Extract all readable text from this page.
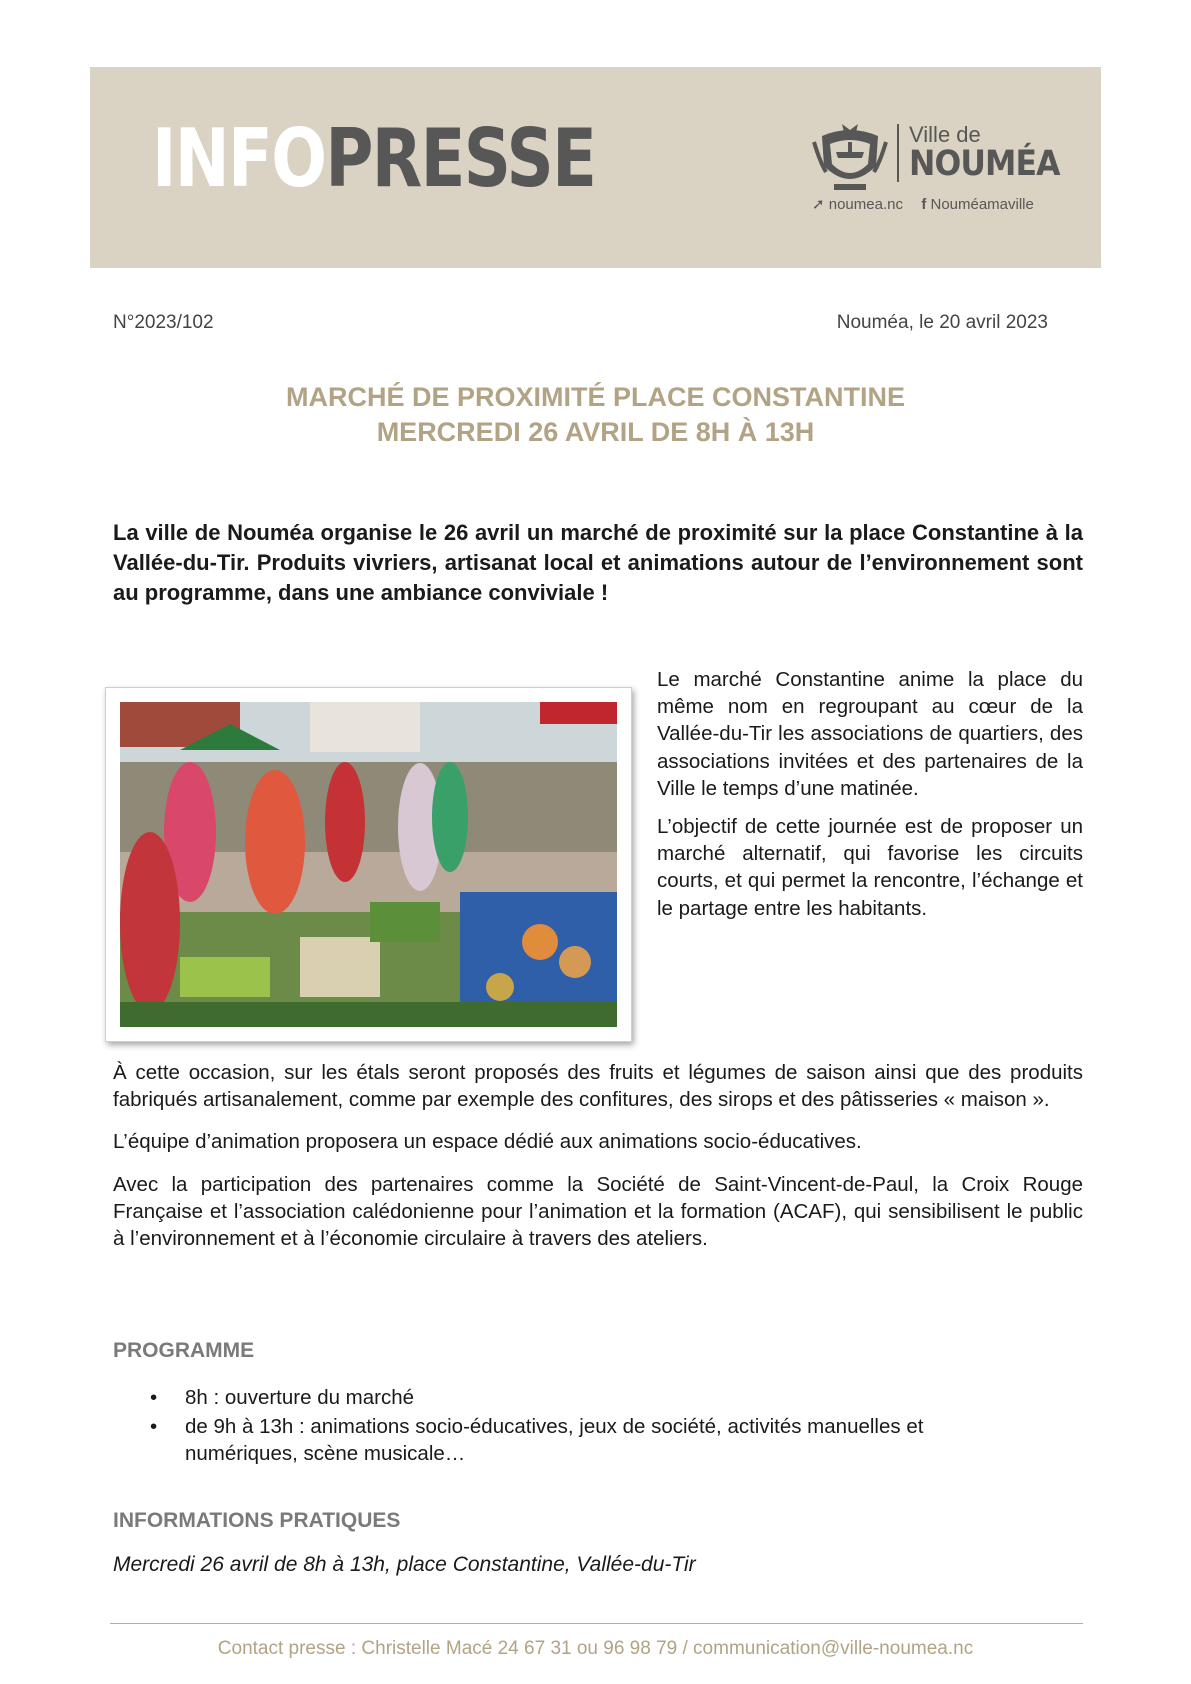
INFOPRESSE	Ville de
NOUMÉA
➚ noumea.nc f Nouméamaville
N°2023/102	Nouméa, le 20 avril 2023
MARCHÉ DE PROXIMITÉ PLACE CONSTANTINE
MERCREDI 26 AVRIL DE 8H À 13H

La ville de Nouméa organise le 26 avril un marché de proximité sur la place Constantine à la Vallée-du-Tir. Produits vivriers, artisanat local et animations autour de l’environnement sont au programme, dans une ambiance conviviale !

Le marché Constantine anime la place du même nom en regroupant au cœur de la Vallée-du-Tir les associations de quartiers, des associations invitées et des partenaires de la Ville le temps d’une matinée.

L’objectif de cette journée est de proposer un marché alternatif, qui favorise les circuits courts, et qui permet la rencontre, l’échange et le partage entre les habitants.

À cette occasion, sur les étals seront proposés des fruits et légumes de saison ainsi que des produits fabriqués artisanalement, comme par exemple des confitures, des sirops et des pâtisseries « maison ».

L’équipe d’animation proposera un espace dédié aux animations socio-éducatives.

Avec la participation des partenaires comme la Société de Saint-Vincent-de-Paul, la Croix Rouge Française et l’association calédonienne pour l’animation et la formation (ACAF), qui sensibilisent le public à l’environnement et à l’économie circulaire à travers des ateliers.

PROGRAMME
• 8h : ouverture du marché
• de 9h à 13h : animations socio-éducatives, jeux de société, activités manuelles et numériques, scène musicale…
INFORMATIONS PRATIQUES
Mercredi 26 avril de 8h à 13h, place Constantine, Vallée-du-Tir
Contact presse : Christelle Macé 24 67 31 ou 96 98 79 / communication@ville-noumea.nc
